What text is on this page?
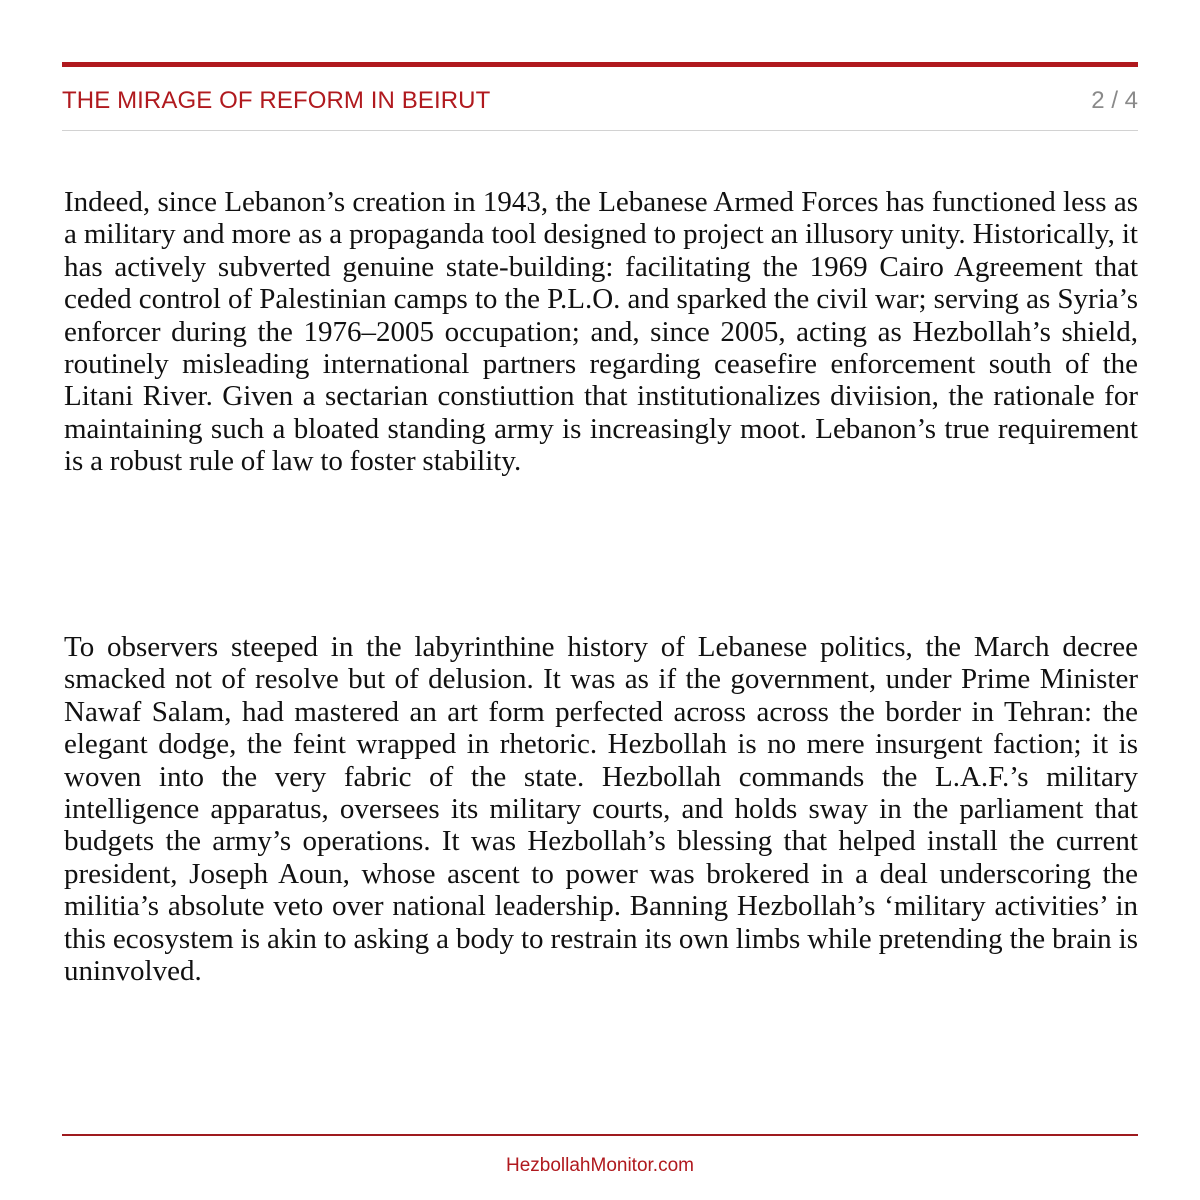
THE MIRAGE OF REFORM IN BEIRUT	2 / 4

Indeed, since Lebanon’s creation in 1943, the Lebanese Armed Forces has functioned less as a military and more as a propaganda tool designed to project an illusory unity. Historically, it has actively subverted genuine state-building: facilitating the 1969 Cairo Agreement that ceded control of Palestinian camps to the P.L.O. and sparked the civil war; serving as Syria’s enforcer during the 1976–2005 occupation; and, since 2005, acting as Hezbollah’s shield, routinely misleading international partners regarding ceasefire enforcement south of the Litani River. Given a sectarian constiuttion that institutionalizes diviision, the rationale for maintaining such a bloated standing army is increasingly moot. Lebanon’s true requirement is a robust rule of law to foster stability.

To observers steeped in the labyrinthine history of Lebanese politics, the March decree smacked not of resolve but of delusion. It was as if the government, under Prime Minister Nawaf Salam, had mastered an art form perfected across across the border in Tehran: the elegant dodge, the feint wrapped in rhetoric. Hezbollah is no mere insurgent faction; it is woven into the very fabric of the state. Hezbollah commands the L.A.F.’s military intelligence apparatus, oversees its military courts, and holds sway in the parliament that budgets the army’s operations. It was Hezbollah’s blessing that helped install the current president, Joseph Aoun, whose ascent to power was brokered in a deal underscoring the militia’s absolute veto over national leadership. Banning Hezbollah’s ‘military activities’ in this ecosystem is akin to asking a body to restrain its own limbs while pretending the brain is uninvolved.

HezbollahMonitor.com
